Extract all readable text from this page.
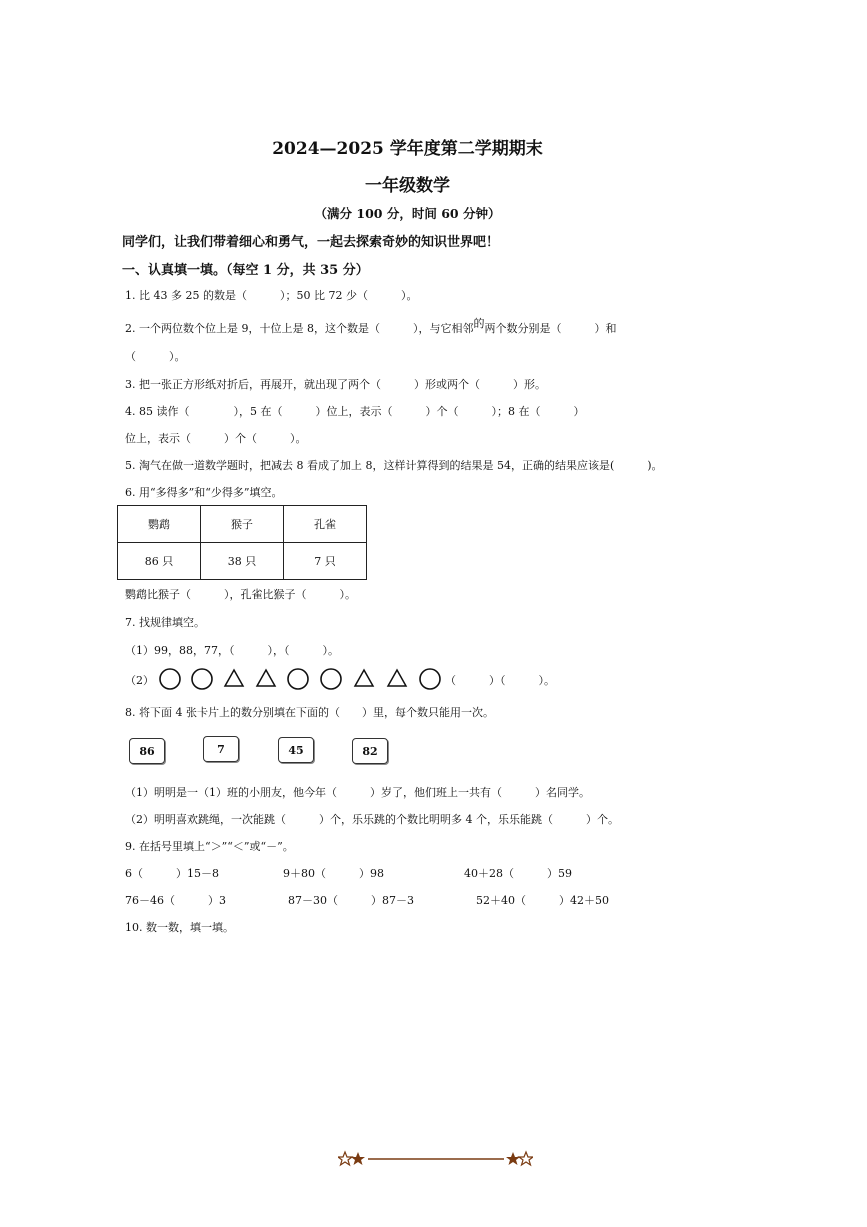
2024—2025 学年度第二学期期末
一年级数学
（满分 100 分，时间 60 分钟）
同学们，让我们带着细心和勇气，一起去探索奇妙的知识世界吧！
一、认真填一填。（每空 1 分，共 35 分）
1. 比 43 多 25 的数是（　　　）；50 比 72 少（　　　）。
2. 一个两位数个位上是 9，十位上是 8，这个数是（　　　），与它相邻的两个数分别是（　　　）和
（　　　）。
3. 把一张正方形纸对折后，再展开，就出现了两个（　　　）形或两个（　　　）形。
4. 85 读作（　　　　），5 在（　　　）位上，表示（　　　）个（　　　）；8 在（　　　）
位上，表示（　　　）个（　　　）。
5. 淘气在做一道数学题时，把减去 8 看成了加上 8，这样计算得到的结果是 54，正确的结果应该是(　　　)。
6. 用“多得多”和“少得多”填空。
鹦鹉	猴子	孔雀
86 只	38 只	7 只
鹦鹉比猴子（　　　），孔雀比猴子（　　　）。
7. 找规律填空。
（1）99，88，77，（　　　），（　　　）。
（2）	（　　　）（　　　）。
8. 将下面 4 张卡片上的数分别填在下面的（　　）里，每个数只能用一次。
86	7	45	82
（1）明明是一（1）班的小朋友，他今年（　　　）岁了，他们班上一共有（　　　）名同学。
（2）明明喜欢跳绳，一次能跳（　　　）个，乐乐跳的个数比明明多 4 个，乐乐能跳（　　　）个。
9. 在括号里填上“＞”“＜”或“－”。
6（　　　）15－8	9＋80（　　　）98	40＋28（　　　）59
76－46（　　　）3	87－30（　　　）87－3	52＋40（　　　）42＋50
10. 数一数，填一填。
